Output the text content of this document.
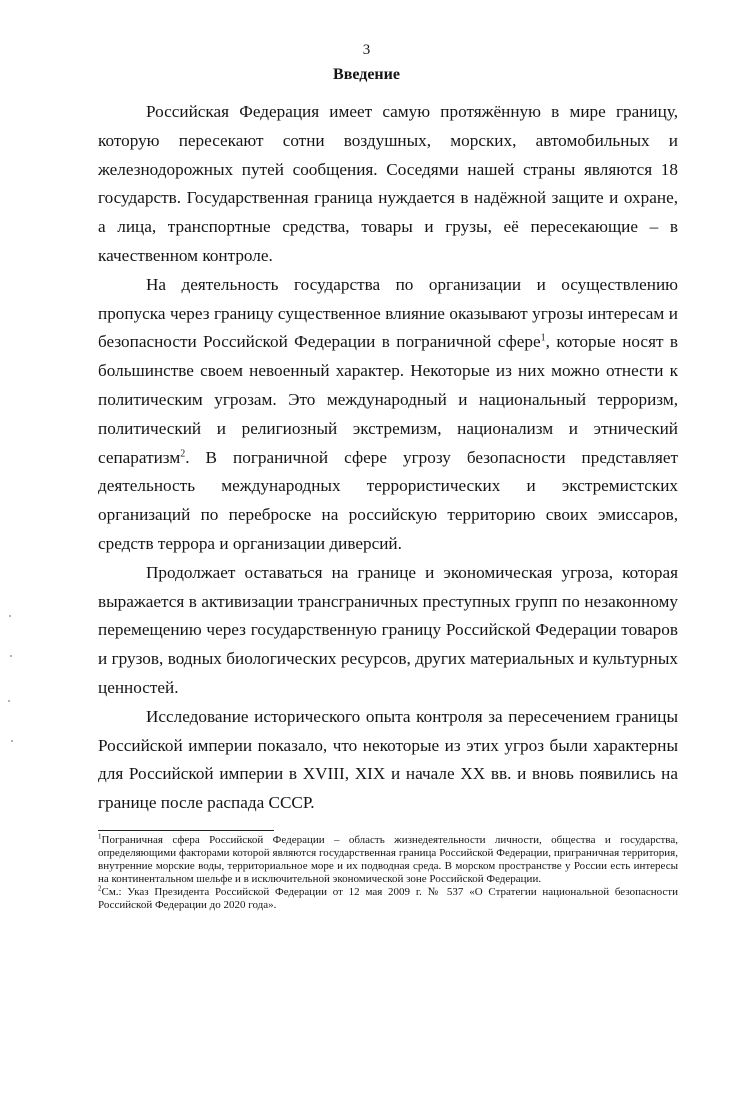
3
Введение

Российская Федерация имеет самую протяжённую в мире границу, которую пересекают сотни воздушных, морских, автомобильных и железнодорожных путей сообщения. Соседями нашей страны являются 18 государств. Государственная граница нуждается в надёжной защите и охране, а лица, транспортные средства, товары и грузы, её пересекающие – в качественном контроле.

На деятельность государства по организации и осуществлению пропуска через границу существенное влияние оказывают угрозы интересам и безопасности Российской Федерации в пограничной сфере$^1$, которые носят в большинстве своем невоенный характер. Некоторые из них можно отнести к политическим угрозам. Это международный и национальный терроризм, политический и религиозный экстремизм, национализм и этнический сепаратизм$^2$. В пограничной сфере угрозу безопасности представляет деятельность международных террористических и экстремистских организаций по переброске на российскую территорию своих эмиссаров, средств террора и организации диверсий.

Продолжает оставаться на границе и экономическая угроза, которая выражается в активизации трансграничных преступных групп по незаконному перемещению через государственную границу Российской Федерации товаров и грузов, водных биологических ресурсов, других материальных и культурных ценностей.

Исследование исторического опыта контроля за пересечением границы Российской империи показало, что некоторые из этих угроз были характерны для Российской империи в XVIII, XIX и начале XX вв. и вновь появились на границе после распада СССР.

$^1$Пограничная сфера Российской Федерации – область жизнедеятельности личности, общества и государства, определяющими факторами которой являются государственная граница Российской Федерации, приграничная территория, внутренние морские воды, территориальное море и их подводная среда. В морском пространстве у России есть интересы на континентальном шельфе и в исключительной экономической зоне Российской Федерации.

$^2$См.: Указ Президента Российской Федерации от 12 мая 2009 г. № 537 «О Стратегии национальной безопасности Российской Федерации до 2020 года».
